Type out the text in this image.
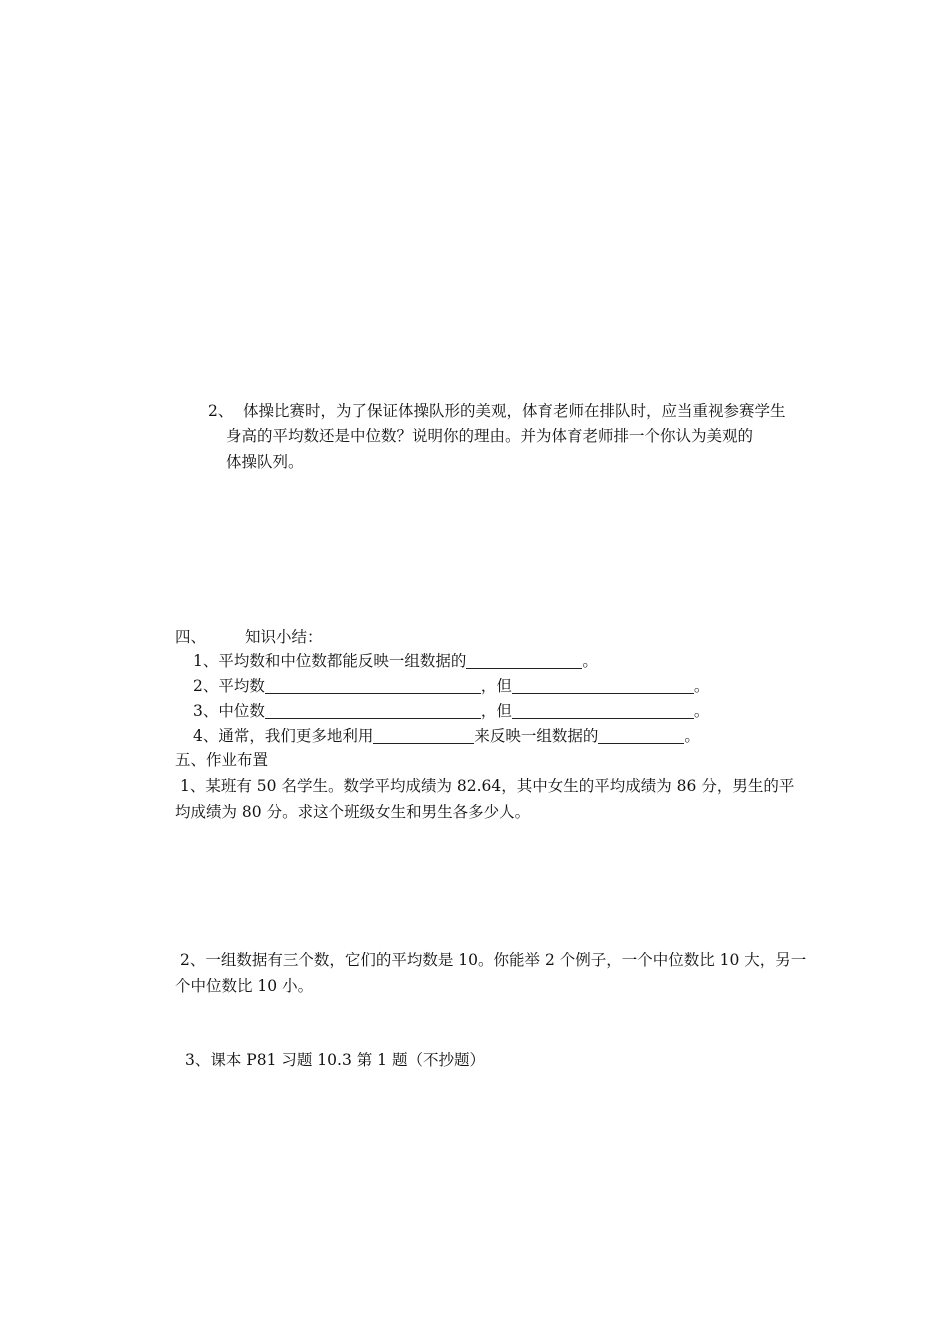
2、 体操比赛时，为了保证体操队形的美观，体育老师在排队时，应当重视参赛学生
身高的平均数还是中位数？说明你的理由。并为体育老师排一个你认为美观的
体操队列。
四、	知识小结：
1、平均数和中位数都能反映一组数据的	。
2、平均数	，但	。
3、中位数	，但	。
4、通常，我们更多地利用	来反映一组数据的	。
五、作业布置
1、某班有 50 名学生。数学平均成绩为 82.64，其中女生的平均成绩为 86 分，男生的平
均成绩为 80 分。求这个班级女生和男生各多少人。
2、一组数据有三个数，它们的平均数是 10。你能举 2 个例子，一个中位数比 10 大，另一
个中位数比 10 小。
3、课本 P81 习题 10.3 第 1 题（不抄题）
